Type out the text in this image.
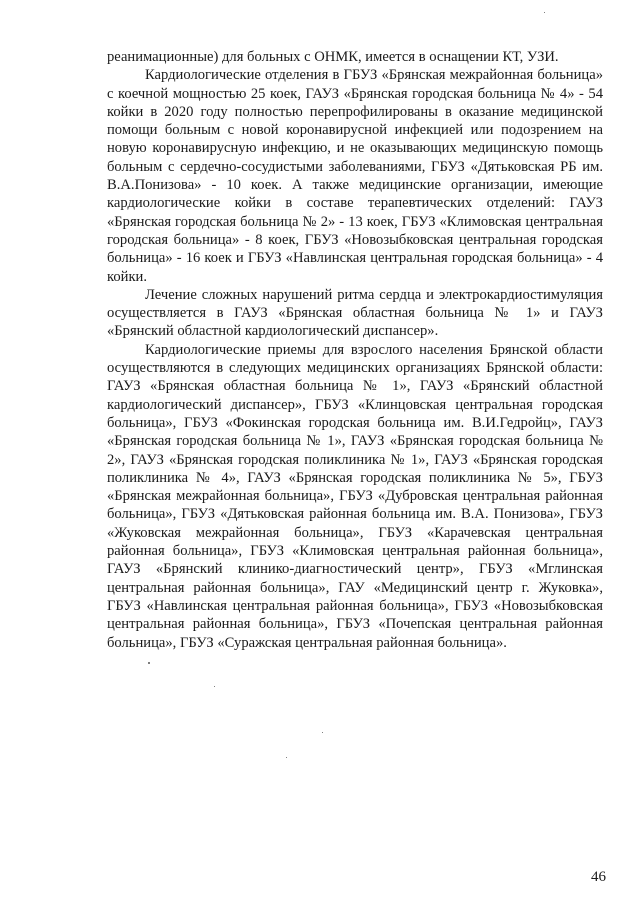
реанимационные) для больных с ОНМК, имеется в оснащении КТ, УЗИ.

Кардиологические отделения в ГБУЗ «Брянская межрайонная больница» с коечной мощностью 25 коек, ГАУЗ «Брянская городская больница № 4» - 54 койки в 2020 году полностью перепрофилированы в оказание медицинской помощи больным с новой коронавирусной инфекцией или подозрением на новую коронавирусную инфекцию, и не оказывающих медицинскую помощь больным с сердечно-сосудистыми заболеваниями, ГБУЗ «Дятьковская РБ им. В.А.Понизова» - 10 коек. А также медицинские организации, имеющие кардиологические койки в составе терапевтических отделений: ГАУЗ «Брянская городская больница № 2» - 13 коек, ГБУЗ «Климовская центральная городская больница» - 8 коек, ГБУЗ «Новозыбковская центральная городская больница» - 16 коек и ГБУЗ «Навлинская центральная городская больница» - 4 койки.

Лечение сложных нарушений ритма сердца и электрокардиостимуляция осуществляется в ГАУЗ «Брянская областная больница № 1» и ГАУЗ «Брянский областной кардиологический диспансер».

Кардиологические приемы для взрослого населения Брянской области осуществляются в следующих медицинских организациях Брянской области: ГАУЗ «Брянская областная больница № 1», ГАУЗ «Брянский областной кардиологический диспансер», ГБУЗ «Клинцовская центральная городская больница», ГБУЗ «Фокинская городская больница им. В.И.Гедройц», ГАУЗ «Брянская городская больница № 1», ГАУЗ «Брянская городская больница № 2», ГАУЗ «Брянская городская поликлиника № 1», ГАУЗ «Брянская городская поликлиника № 4», ГАУЗ «Брянская городская поликлиника № 5», ГБУЗ «Брянская межрайонная больница», ГБУЗ «Дубровская центральная районная больница», ГБУЗ «Дятьковская районная больница им. В.А. Понизова», ГБУЗ «Жуковская межрайонная больница», ГБУЗ «Карачевская центральная районная больница», ГБУЗ «Климовская центральная районная больница», ГАУЗ «Брянский клинико-диагностический центр», ГБУЗ «Мглинская центральная районная больница», ГАУ «Медицинский центр г. Жуковка», ГБУЗ «Навлинская центральная районная больница», ГБУЗ «Новозыбковская центральная районная больница», ГБУЗ «Почепская центральная районная больница», ГБУЗ «Суражская центральная районная больница».

46
